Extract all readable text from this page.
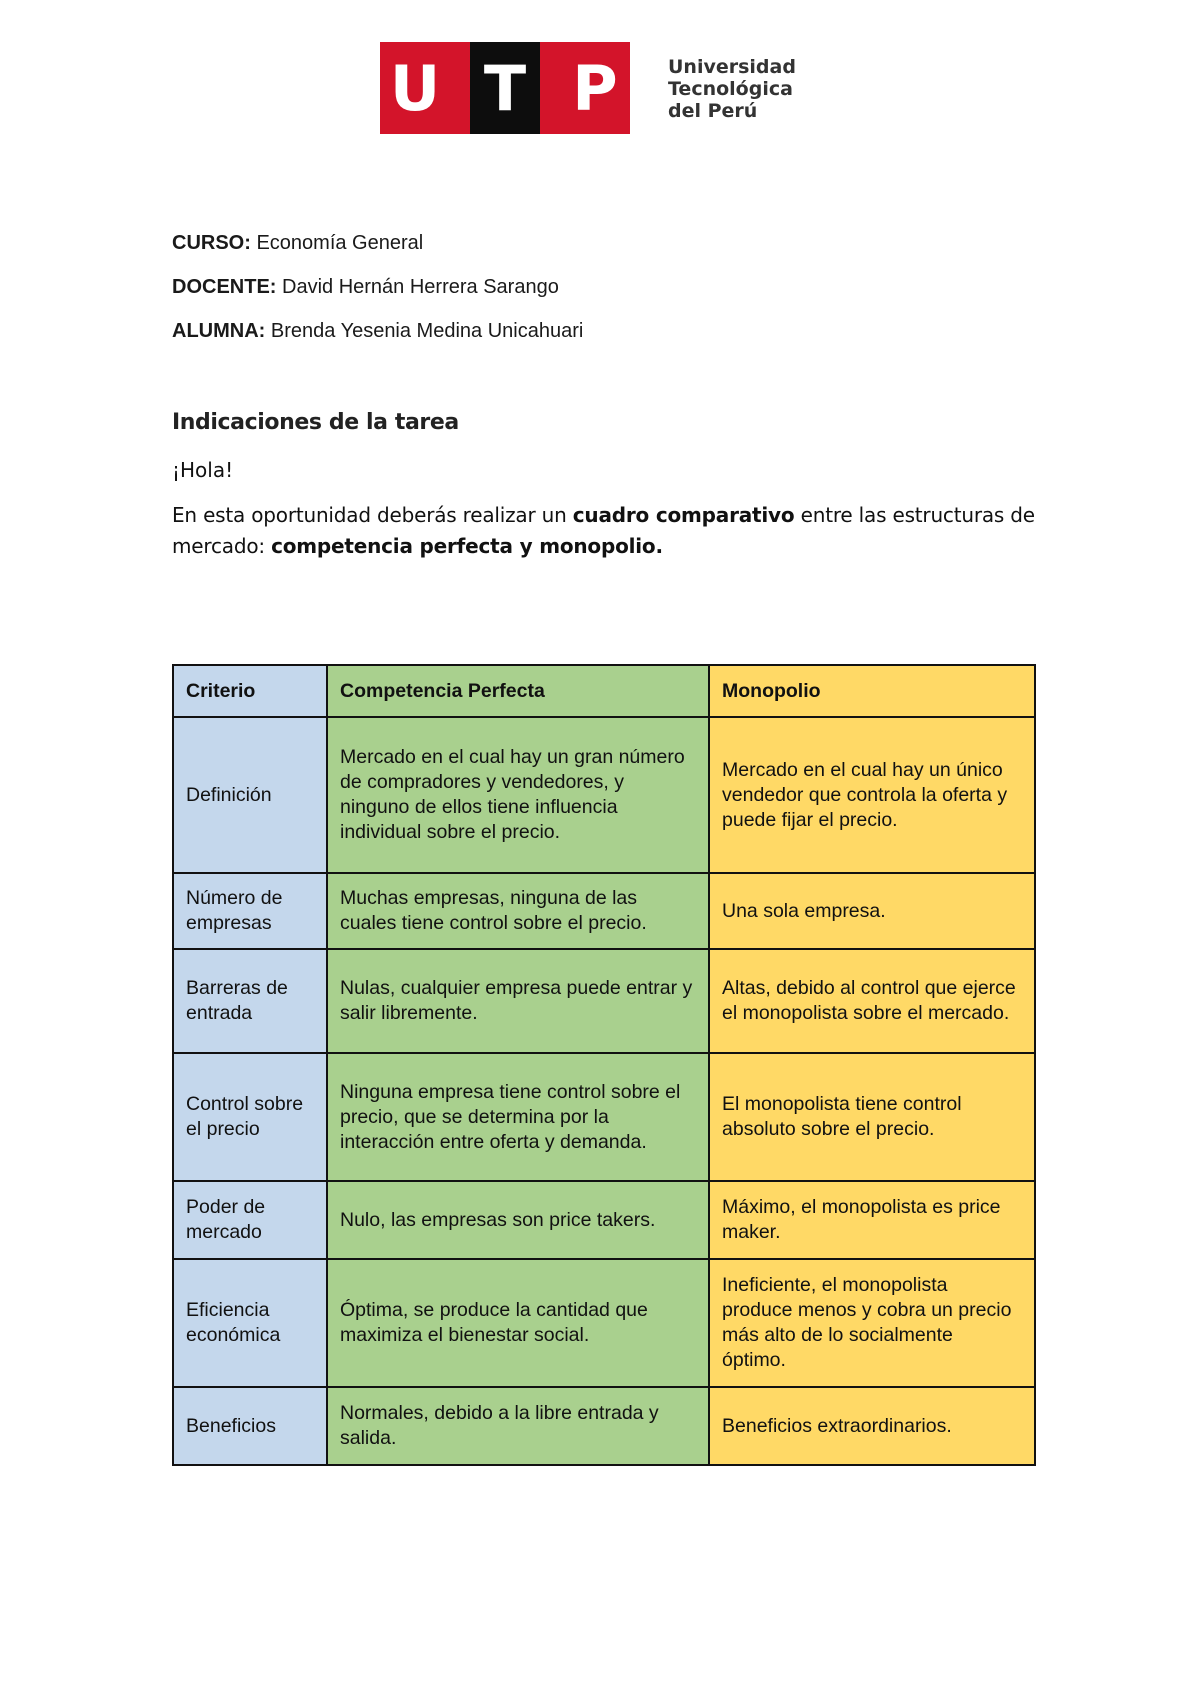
U T P	Universidad
Tecnológica
del Perú
CURSO: Economía General
DOCENTE: David Hernán Herrera Sarango
ALUMNA: Brenda Yesenia Medina Unicahuari
Indicaciones de la tarea
¡Hola!
En esta oportunidad deberás realizar un cuadro comparativo entre las estructuras de mercado: competencia perfecta y monopolio.
Criterio	Competencia Perfecta	Monopolio
Definición	Mercado en el cual hay un gran número de compradores y vendedores, y ninguno de ellos tiene influencia individual sobre el precio.	Mercado en el cual hay un único vendedor que controla la oferta y puede fijar el precio.
Número de empresas	Muchas empresas, ninguna de las cuales tiene control sobre el precio.	Una sola empresa.
Barreras de entrada	Nulas, cualquier empresa puede entrar y salir libremente.	Altas, debido al control que ejerce el monopolista sobre el mercado.
Control sobre el precio	Ninguna empresa tiene control sobre el precio, que se determina por la interacción entre oferta y demanda.	El monopolista tiene control absoluto sobre el precio.
Poder de mercado	Nulo, las empresas son price takers.	Máximo, el monopolista es price maker.
Eficiencia económica	Óptima, se produce la cantidad que maximiza el bienestar social.	Ineficiente, el monopolista produce menos y cobra un precio más alto de lo socialmente óptimo.
Beneficios	Normales, debido a la libre entrada y salida.	Beneficios extraordinarios.
